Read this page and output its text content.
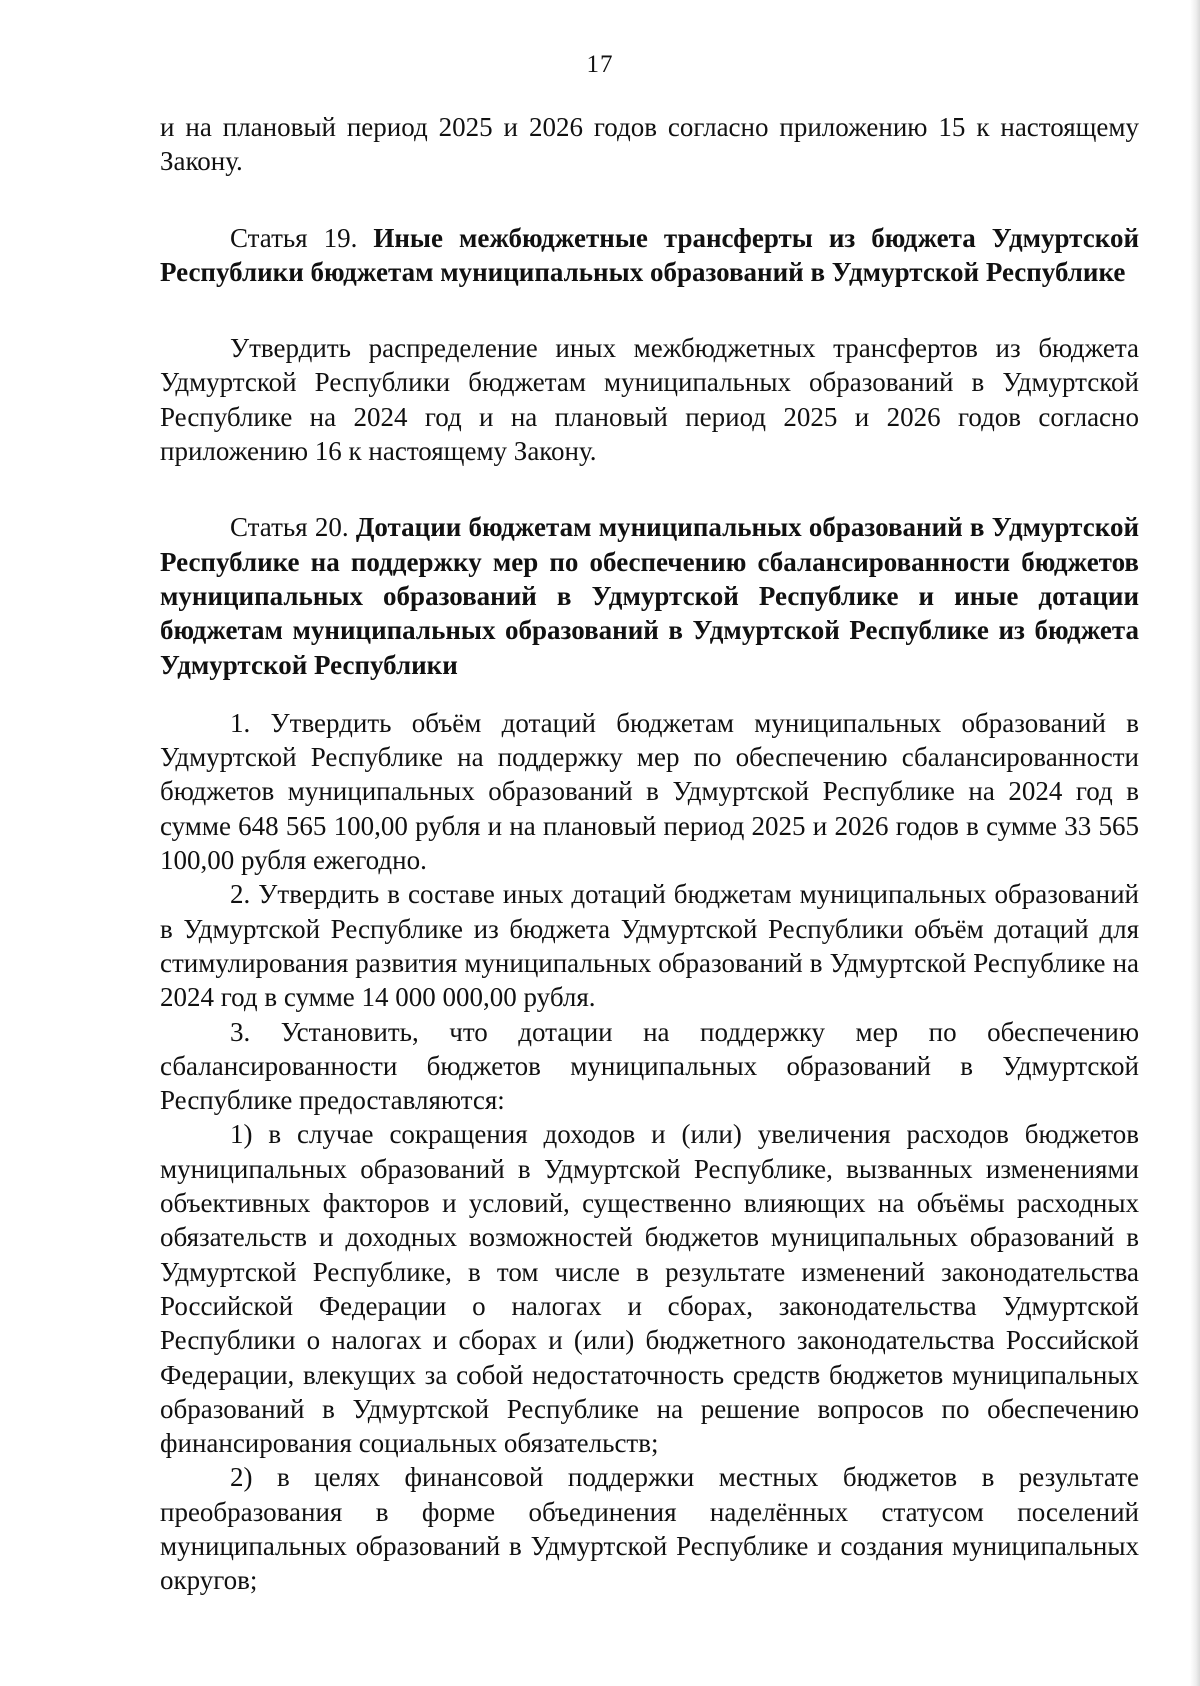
17

и на плановый период 2025 и 2026 годов согласно приложению 15 к настоящему Закону.

Статья 19. Иные межбюджетные трансферты из бюджета Удмуртской Республики бюджетам муниципальных образований в Удмуртской Республике

Утвердить распределение иных межбюджетных трансфертов из бюджета Удмуртской Республики бюджетам муниципальных образований в Удмуртской Республике на 2024 год и на плановый период 2025 и 2026 годов согласно приложению 16 к настоящему Закону.

Статья 20. Дотации бюджетам муниципальных образований в Удмуртской Республике на поддержку мер по обеспечению сбалансированности бюджетов муниципальных образований в Удмуртской Республике и иные дотации бюджетам муниципальных образований в Удмуртской Республике из бюджета Удмуртской Республики

1. Утвердить объём дотаций бюджетам муниципальных образований в Удмуртской Республике на поддержку мер по обеспечению сбалансированности бюджетов муниципальных образований в Удмуртской Республике на 2024 год в сумме 648 565 100,00 рубля и на плановый период 2025 и 2026 годов в сумме 33 565 100,00 рубля ежегодно.

2. Утвердить в составе иных дотаций бюджетам муниципальных образований в Удмуртской Республике из бюджета Удмуртской Республики объём дотаций для стимулирования развития муниципальных образований в Удмуртской Республике на 2024 год в сумме 14 000 000,00 рубля.

3. Установить, что дотации на поддержку мер по обеспечению сбалансированности бюджетов муниципальных образований в Удмуртской Республике предоставляются:

1) в случае сокращения доходов и (или) увеличения расходов бюджетов муниципальных образований в Удмуртской Республике, вызванных изменениями объективных факторов и условий, существенно влияющих на объёмы расходных обязательств и доходных возможностей бюджетов муниципальных образований в Удмуртской Республике, в том числе в результате изменений законодательства Российской Федерации о налогах и сборах, законодательства Удмуртской Республики о налогах и сборах и (или) бюджетного законодательства Российской Федерации, влекущих за собой недостаточность средств бюджетов муниципальных образований в Удмуртской Республике на решение вопросов по обеспечению финансирования социальных обязательств;

2) в целях финансовой поддержки местных бюджетов в результате преобразования в форме объединения наделённых статусом поселений муниципальных образований в Удмуртской Республике и создания муниципальных округов;
